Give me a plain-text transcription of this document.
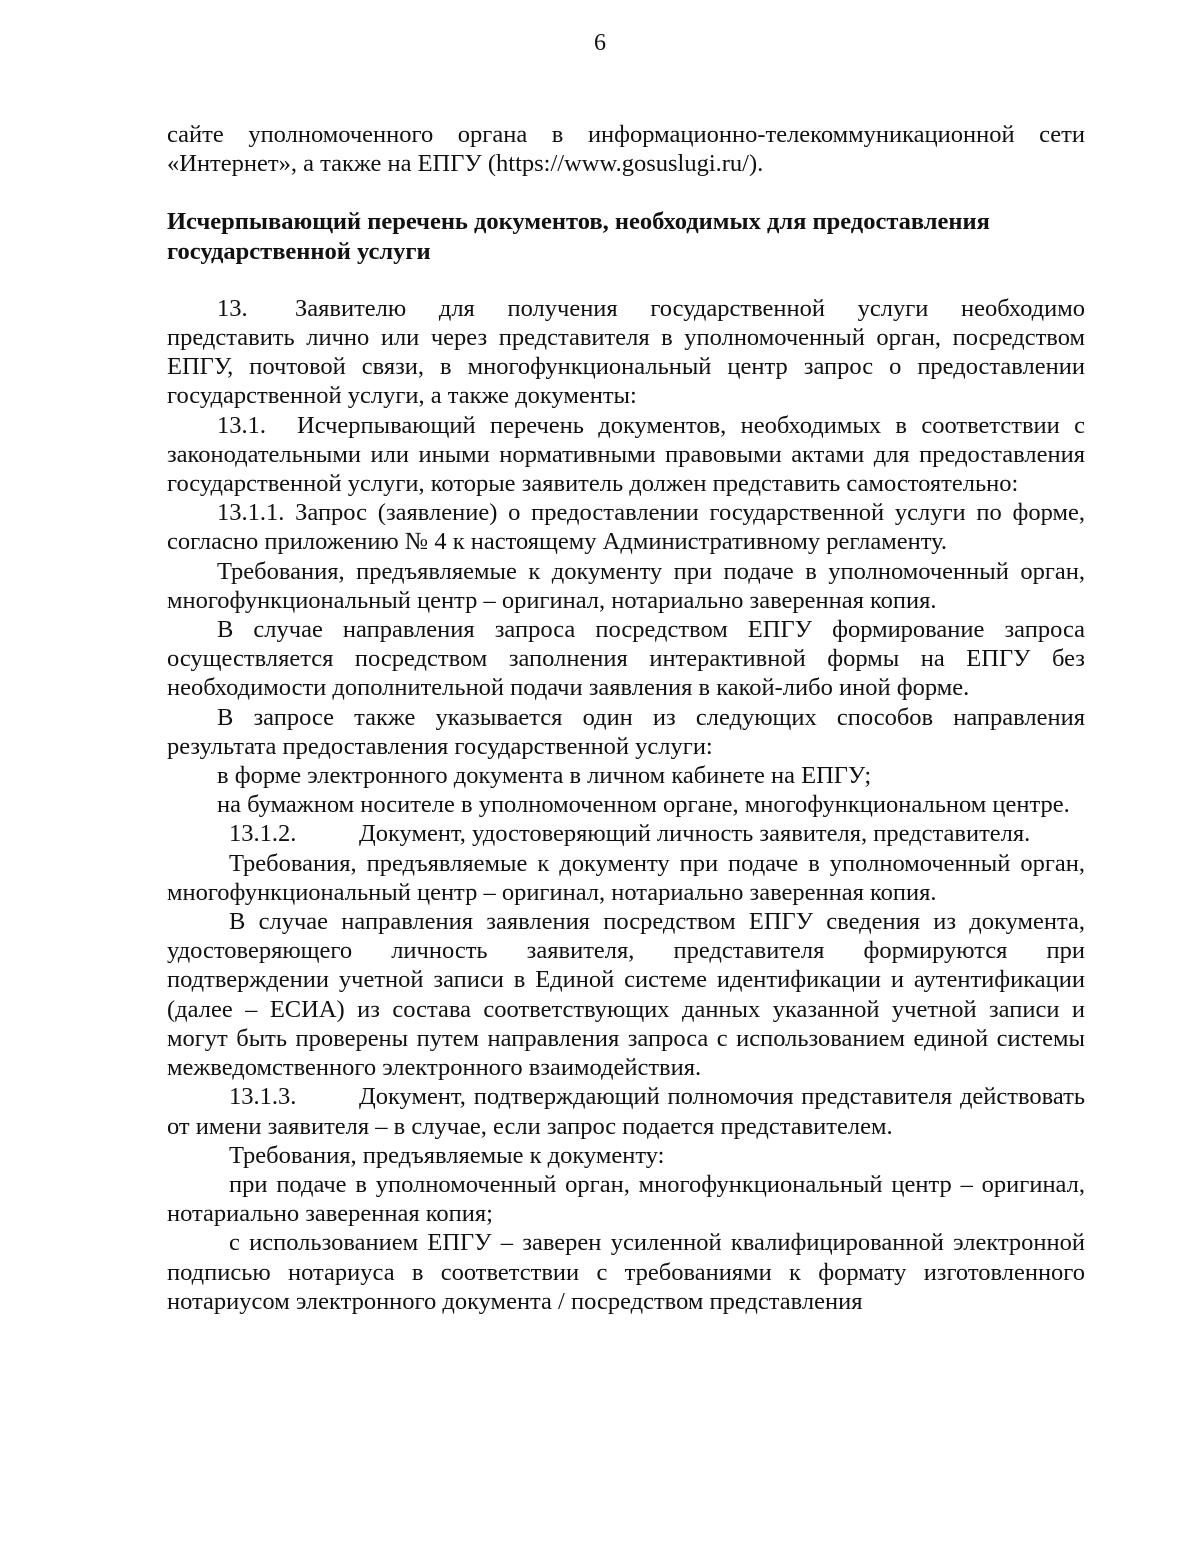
6

сайте уполномоченного органа в информационно-телекоммуникационной сети «Интернет», а также на ЕПГУ (https://www.gosuslugi.ru/).

Исчерпывающий перечень документов, необходимых для предоставления

государственной услуги

13. Заявителю для получения государственной услуги необходимо представить лично или через представителя в уполномоченный орган, посредством ЕПГУ, почтовой связи, в многофункциональный центр запрос о предоставлении государственной услуги, а также документы:

13.1. Исчерпывающий перечень документов, необходимых в соответствии с законодательными или иными нормативными правовыми актами для предоставления государственной услуги, которые заявитель должен представить самостоятельно:

13.1.1. Запрос (заявление) о предоставлении государственной услуги по форме, согласно приложению № 4 к настоящему Административному регламенту.

Требования, предъявляемые к документу при подаче в уполномоченный орган, многофункциональный центр – оригинал, нотариально заверенная копия.

В случае направления запроса посредством ЕПГУ формирование запроса осуществляется посредством заполнения интерактивной формы на ЕПГУ без необходимости дополнительной подачи заявления в какой-либо иной форме.

В запросе также указывается один из следующих способов направления результата предоставления государственной услуги:

в форме электронного документа в личном кабинете на ЕПГУ;

на бумажном носителе в уполномоченном органе, многофункциональном центре.

13.1.2.	Документ, удостоверяющий личность заявителя, представителя.

Требования, предъявляемые к документу при подаче в уполномоченный орган, многофункциональный центр – оригинал, нотариально заверенная копия.

В случае направления заявления посредством ЕПГУ сведения из документа, удостоверяющего личность заявителя, представителя формируются при подтверждении учетной записи в Единой системе идентификации и аутентификации (далее – ЕСИА) из состава соответствующих данных указанной учетной записи и могут быть проверены путем направления запроса с использованием единой системы межведомственного электронного взаимодействия.

13.1.3.	Документ, подтверждающий полномочия представителя действовать от имени заявителя – в случае, если запрос подается представителем.

Требования, предъявляемые к документу:

при подаче в уполномоченный орган, многофункциональный центр – оригинал, нотариально заверенная копия;

с использованием ЕПГУ – заверен усиленной квалифицированной электронной подписью нотариуса в соответствии с требованиями к формату изготовленного нотариусом электронного документа / посредством представления
